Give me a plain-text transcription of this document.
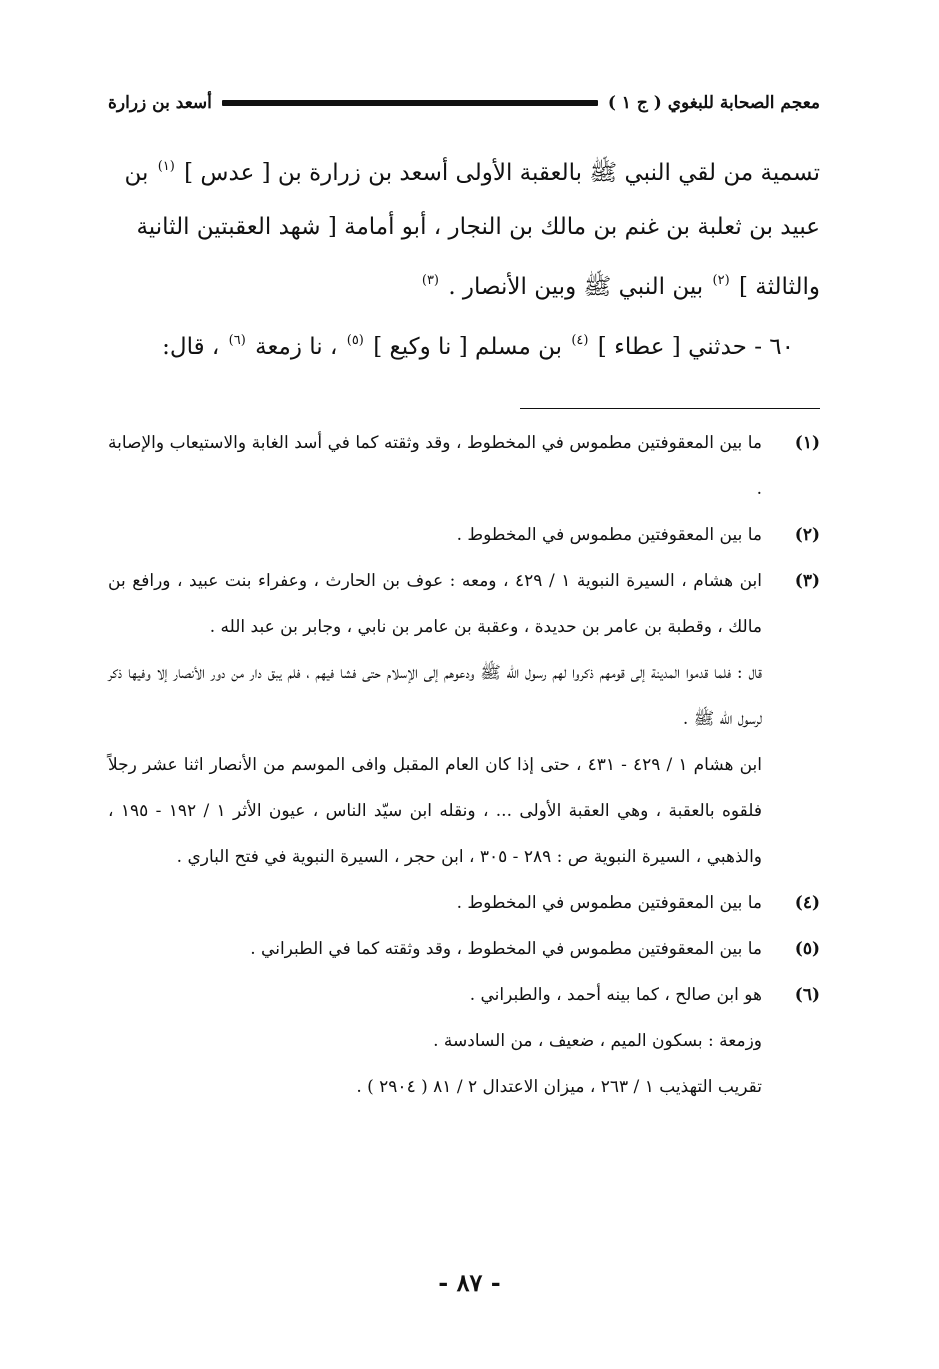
معجم الصحابة للبغوي ( ج ١ )
أسعد بن زرارة

تسمية من لقي النبي ﷺ بالعقبة الأولى أسعد بن زرارة بن [ عدس ] $^{(١)}$ بن

عبيد بن ثعلبة بن غنم بن مالك بن النجار ، أبو أمامة [ شهد العقبتين الثانية

والثالثة ] $^{(٢)}$ بين النبي ﷺ وبين الأنصار . $^{(٣)}$

٦٠ - حدثني [ عطاء ] $^{(٤)}$ بن مسلم [ نا وكيع ] $^{(٥)}$ ، نا زمعة $^{(٦)}$ ، قال:

(١)

ما بين المعقوفتين مطموس في المخطوط ، وقد وثقته كما في أسد الغابة والاستيعاب والإصابة .

(٢)

ما بين المعقوفتين مطموس في المخطوط .

(٣)

ابن هشام ، السيرة النبوية ١ / ٤٢٩ ، ومعه : عوف بن الحارث ، وعفراء بنت عبيد ، ورافع بن مالك ، وقطبة بن عامر بن حديدة ، وعقبة بن عامر بن نابي ، وجابر بن عبد الله .

قال : فلما قدموا المدينة إلى قومهم ذكروا لهم رسول الله ﷺ ودعوهم إلى الإسلام حتى فشا فيهم ، فلم يبق دار من دور الأنصار إلا وفيها ذكر لرسول الله ﷺ .

ابن هشام ١ / ٤٢٩ - ٤٣١ ، حتى إذا كان العام المقبل وافى الموسم من الأنصار اثنا عشر رجلاً فلقوه بالعقبة ، وهي العقبة الأولى ... ، ونقله ابن سيّد الناس ، عيون الأثر ١ / ١٩٢ - ١٩٥ ، والذهبي ، السيرة النبوية ص : ٢٨٩ - ٣٠٥ ، ابن حجر ، السيرة النبوية في فتح الباري .

(٤)

ما بين المعقوفتين مطموس في المخطوط .

(٥)

ما بين المعقوفتين مطموس في المخطوط ، وقد وثقته كما في الطبراني .

(٦)

هو ابن صالح ، كما بينه أحمد ، والطبراني .

وزمعة : بسكون الميم ، ضعيف ، من السادسة .

تقريب التهذيب ١ / ٢٦٣ ، ميزان الاعتدال ٢ / ٨١ ( ٢٩٠٤ ) .

- ٨٧ -
